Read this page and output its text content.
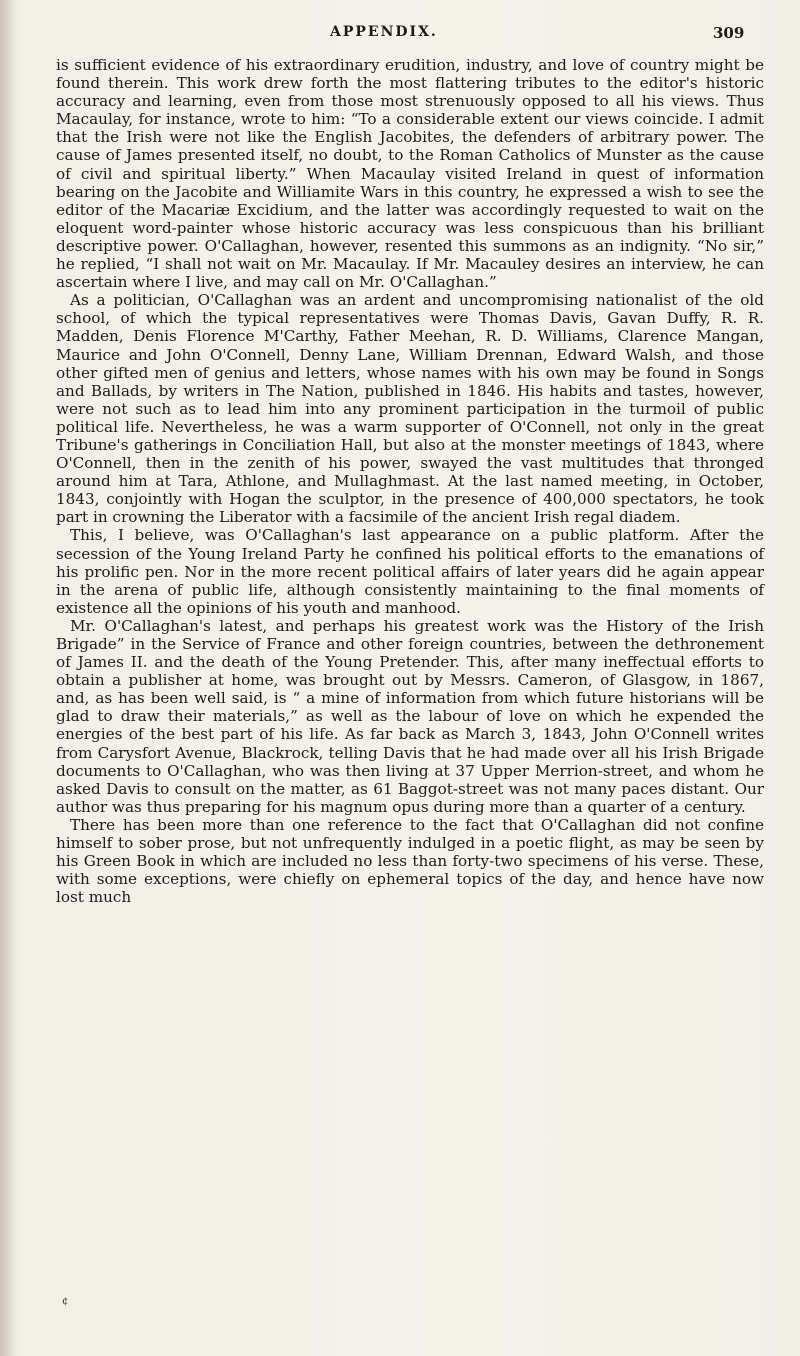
APPENDIX.	309

is sufficient evidence of his extraordinary erudition, industry, and love of country might be found therein. This work drew forth the most flattering tributes to the editor's historic accuracy and learning, even from those most strenuously opposed to all his views. Thus Macaulay, for instance, wrote to him: “To a considerable extent our views coincide. I admit that the Irish were not like the English Jacobites, the defenders of arbitrary power. The cause of James presented itself, no doubt, to the Roman Catholics of Munster as the cause of civil and spiritual liberty.” When Macaulay visited Ireland in quest of information bearing on the Jacobite and Williamite Wars in this country, he expressed a wish to see the editor of the Macariæ Excidium, and the latter was accordingly requested to wait on the eloquent word-painter whose historic accuracy was less conspicuous than his brilliant descriptive power. O'Callaghan, however, resented this summons as an indignity. “No sir,” he replied, “I shall not wait on Mr. Macaulay. If Mr. Macauley desires an interview, he can ascertain where I live, and may call on Mr. O'Callaghan.”

As a politician, O'Callaghan was an ardent and uncompromising nationalist of the old school, of which the typical representatives were Thomas Davis, Gavan Duffy, R. R. Madden, Denis Florence M'Carthy, Father Meehan, R. D. Williams, Clarence Mangan, Maurice and John O'Connell, Denny Lane, William Drennan, Edward Walsh, and those other gifted men of genius and letters, whose names with his own may be found in Songs and Ballads, by writers in The Nation, published in 1846. His habits and tastes, however, were not such as to lead him into any prominent participation in the turmoil of public political life. Nevertheless, he was a warm supporter of O'Connell, not only in the great Tribune's gatherings in Conciliation Hall, but also at the monster meetings of 1843, where O'Connell, then in the zenith of his power, swayed the vast multitudes that thronged around him at Tara, Athlone, and Mullaghmast. At the last named meeting, in October, 1843, conjointly with Hogan the sculptor, in the presence of 400,000 spectators, he took part in crowning the Liberator with a facsimile of the ancient Irish regal diadem.

This, I believe, was O'Callaghan's last appearance on a public platform. After the secession of the Young Ireland Party he confined his political efforts to the emanations of his prolific pen. Nor in the more recent political affairs of later years did he again appear in the arena of public life, although consistently maintaining to the final moments of existence all the opinions of his youth and manhood.

Mr. O'Callaghan's latest, and perhaps his greatest work was the History of the Irish Brigade” in the Service of France and other foreign countries, between the dethronement of James II. and the death of the Young Pretender. This, after many ineffectual efforts to obtain a publisher at home, was brought out by Messrs. Cameron, of Glasgow, in 1867, and, as has been well said, is “ a mine of information from which future historians will be glad to draw their materials,” as well as the labour of love on which he expended the energies of the best part of his life. As far back as March 3, 1843, John O'Connell writes from Carysfort Avenue, Blackrock, telling Davis that he had made over all his Irish Brigade documents to O'Callaghan, who was then living at 37 Upper Merrion-street, and whom he asked Davis to consult on the matter, as 61 Baggot-street was not many paces distant. Our author was thus preparing for his magnum opus during more than a quarter of a century.

There has been more than one reference to the fact that O'Callaghan did not confine himself to sober prose, but not unfrequently indulged in a poetic flight, as may be seen by his Green Book in which are included no less than forty-two specimens of his verse. These, with some exceptions, were chiefly on ephemeral topics of the day, and hence have now lost much

¢
